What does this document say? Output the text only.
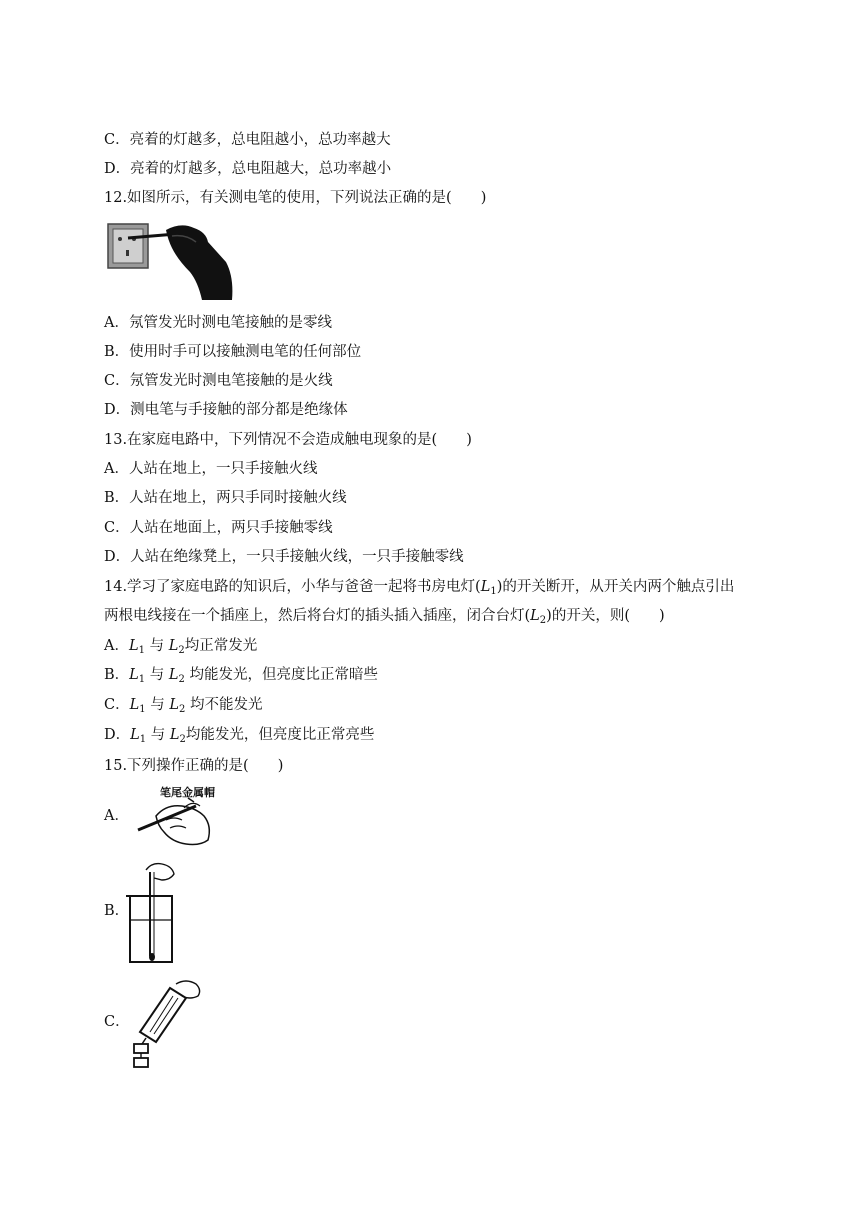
C．亮着的灯越多，总电阻越小，总功率越大
D．亮着的灯越多，总电阻越大，总功率越小
12.如图所示，有关测电笔的使用，下列说法正确的是(　　)
A．氖管发光时测电笔接触的是零线
B．使用时手可以接触测电笔的任何部位
C．氖管发光时测电笔接触的是火线
D．测电笔与手接触的部分都是绝缘体
13.在家庭电路中，下列情况不会造成触电现象的是(　　)
A．人站在地上，一只手接触火线
B．人站在地上，两只手同时接触火线
C．人站在地面上，两只手接触零线
D．人站在绝缘凳上，一只手接触火线，一只手接触零线
14.学习了家庭电路的知识后，小华与爸爸一起将书房电灯$(L_1)$的开关断开，从开关内两个触点引出
两根电线接在一个插座上，然后将台灯的插头插入插座，闭合台灯$(L_2)$的开关，则(　　)
A．$L_1$ 与 $L_2$均正常发光
B．$L_1$ 与 $L_2$ 均能发光，但亮度比正常暗些
C．$L_1$ 与 $L_2$ 均不能发光
D．$L_1$ 与 $L_2$均能发光，但亮度比正常亮些
15.下列操作正确的是(　　)
A．
笔尾金属帽
B．
C．
